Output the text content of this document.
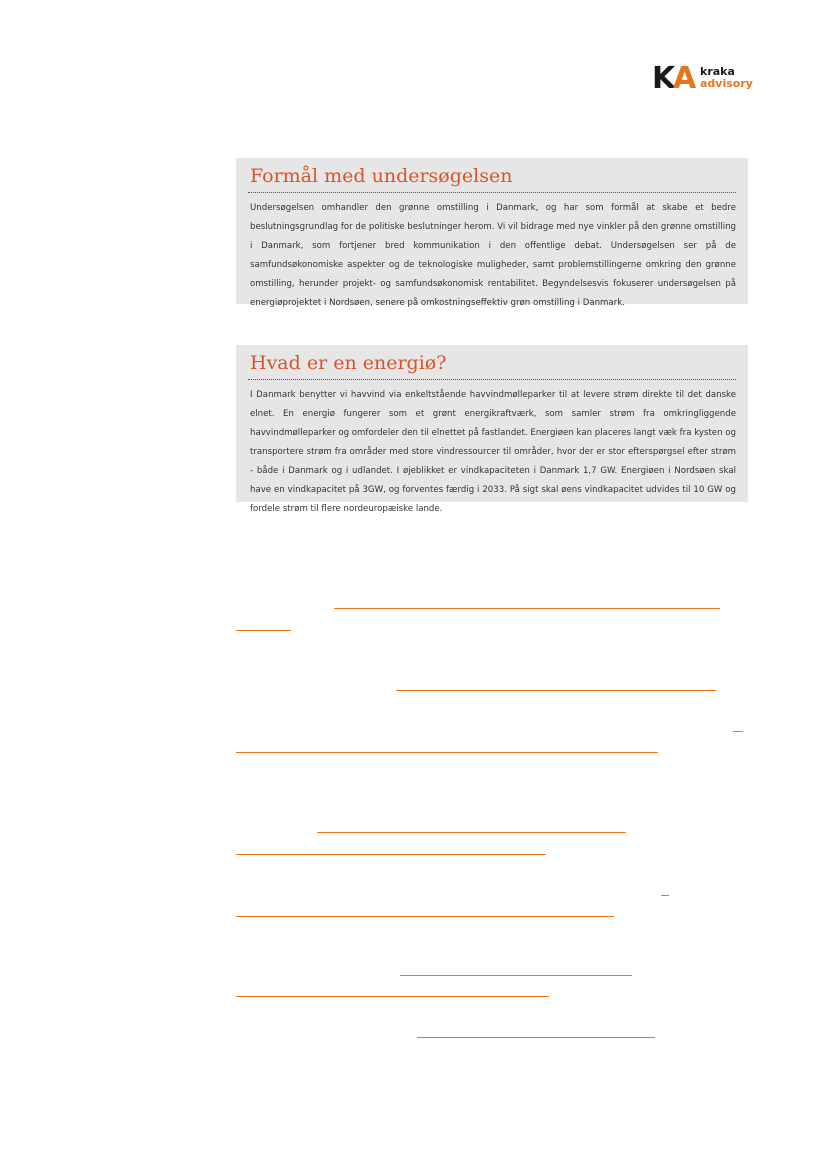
K A kraka
advisory
Formål med undersøgelsen

Undersøgelsen omhandler den grønne omstilling i Danmark, og har som formål at skabe et bedre beslutningsgrundlag for de politiske beslutninger herom. Vi vil bidrage med nye vinkler på den grønne omstilling i Danmark, som fortjener bred kommunikation i den offentlige debat. Undersøgelsen ser på de samfundsøkonomiske aspekter og de teknologiske muligheder, samt problemstillingerne omkring den grønne omstilling, herunder projekt- og samfundsøkonomisk rentabilitet. Begyndelsesvis fokuserer undersøgelsen på energiøprojektet i Nordsøen, senere på omkostningseffektiv grøn omstilling i Danmark.

Hvad er en energiø?

I Danmark benytter vi havvind via enkeltstående havvindmølleparker til at levere strøm direkte til det danske elnet. En energiø fungerer som et grønt energikraftværk, som samler strøm fra omkringliggende havvindmølleparker og omfordeler den til elnettet på fastlandet. Energiøen kan placeres langt væk fra kysten og transportere strøm fra områder med store vindressourcer til områder, hvor der er stor efterspørgsel efter strøm - både i Danmark og i udlandet. I øjeblikket er vindkapaciteten i Danmark 1,7 GW. Energiøen i Nordsøen skal have en vindkapacitet på 3GW, og forventes færdig i 2033. På sigt skal øens vindkapacitet udvides til 10 GW og fordele strøm til flere nordeuropæiske lande.
